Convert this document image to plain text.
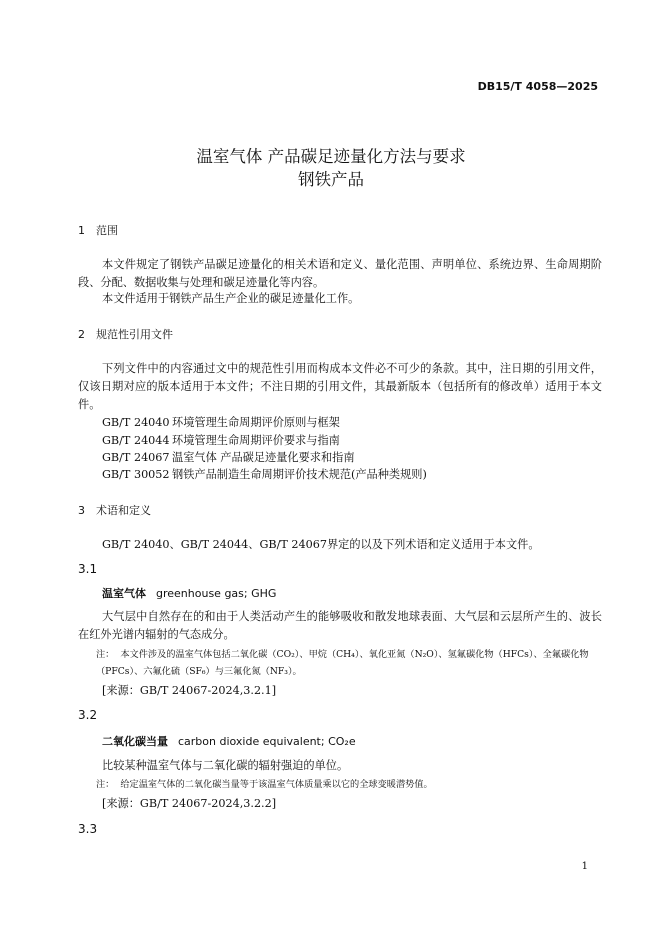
DB15/T 4058—2025
温室气体 产品碳足迹量化方法与要求
钢铁产品
1 范围
本文件规定了钢铁产品碳足迹量化的相关术语和定义、量化范围、声明单位、系统边界、生命周期阶段、分配、数据收集与处理和碳足迹量化等内容。
本文件适用于钢铁产品生产企业的碳足迹量化工作。
2 规范性引用文件
下列文件中的内容通过文中的规范性引用而构成本文件必不可少的条款。其中，注日期的引用文件，仅该日期对应的版本适用于本文件；不注日期的引用文件，其最新版本（包括所有的修改单）适用于本文件。
GB/T 24040 环境管理生命周期评价原则与框架
GB/T 24044 环境管理生命周期评价要求与指南
GB/T 24067 温室气体 产品碳足迹量化要求和指南
GB/T 30052 钢铁产品制造生命周期评价技术规范(产品种类规则)
3 术语和定义
GB/T 24040、GB/T 24044、GB/T 24067界定的以及下列术语和定义适用于本文件。
3.1
温室气体 greenhouse gas; GHG
大气层中自然存在的和由于人类活动产生的能够吸收和散发地球表面、大气层和云层所产生的、波长在红外光谱内辐射的气态成分。
注： 本文件涉及的温室气体包括二氧化碳（CO₂）、甲烷（CH₄）、氧化亚氮（N₂O）、氢氟碳化物（HFCs）、全氟碳化物（PFCs）、六氟化硫（SF₆）与三氟化氮（NF₃）。
[来源：GB/T 24067-2024,3.2.1]
3.2
二氧化碳当量 carbon dioxide equivalent; CO₂e
比较某种温室气体与二氧化碳的辐射强迫的单位。
注： 给定温室气体的二氧化碳当量等于该温室气体质量乘以它的全球变暖潜势值。
[来源：GB/T 24067-2024,3.2.2]
3.3
1
